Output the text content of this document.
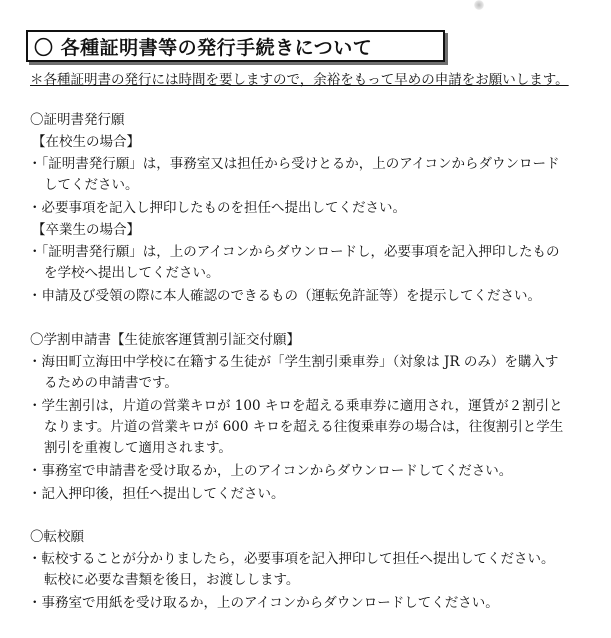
〇 各種証明書等の発行手続きについて
＊各種証明書の発行には時間を要しますので，余裕をもって早めの申請をお願いします。
〇証明書発行願
【在校生の場合】
・「証明書発行願」は，事務室又は担任から受けとるか，上のアイコンからダウンロード
してください。
・必要事項を記入し押印したものを担任へ提出してください。
【卒業生の場合】
・「証明書発行願」は，上のアイコンからダウンロードし，必要事項を記入押印したもの
を学校へ提出してください。
・申請及び受領の際に本人確認のできるもの（運転免許証等）を提示してください。
〇学割申請書【生徒旅客運賃割引証交付願】
・海田町立海田中学校に在籍する生徒が「学生割引乗車券」（対象は JR のみ）を購入す
るための申請書です。
・学生割引は，片道の営業キロが 100 キロを超える乗車券に適用され，運賃が２割引と
なります。片道の営業キロが 600 キロを超える往復乗車券の場合は，往復割引と学生
割引を重複して適用されます。
・事務室で申請書を受け取るか，上のアイコンからダウンロードしてください。
・記入押印後，担任へ提出してください。
〇転校願
・転校することが分かりましたら，必要事項を記入押印して担任へ提出してください。
転校に必要な書類を後日，お渡しします。
・事務室で用紙を受け取るか，上のアイコンからダウンロードしてください。
